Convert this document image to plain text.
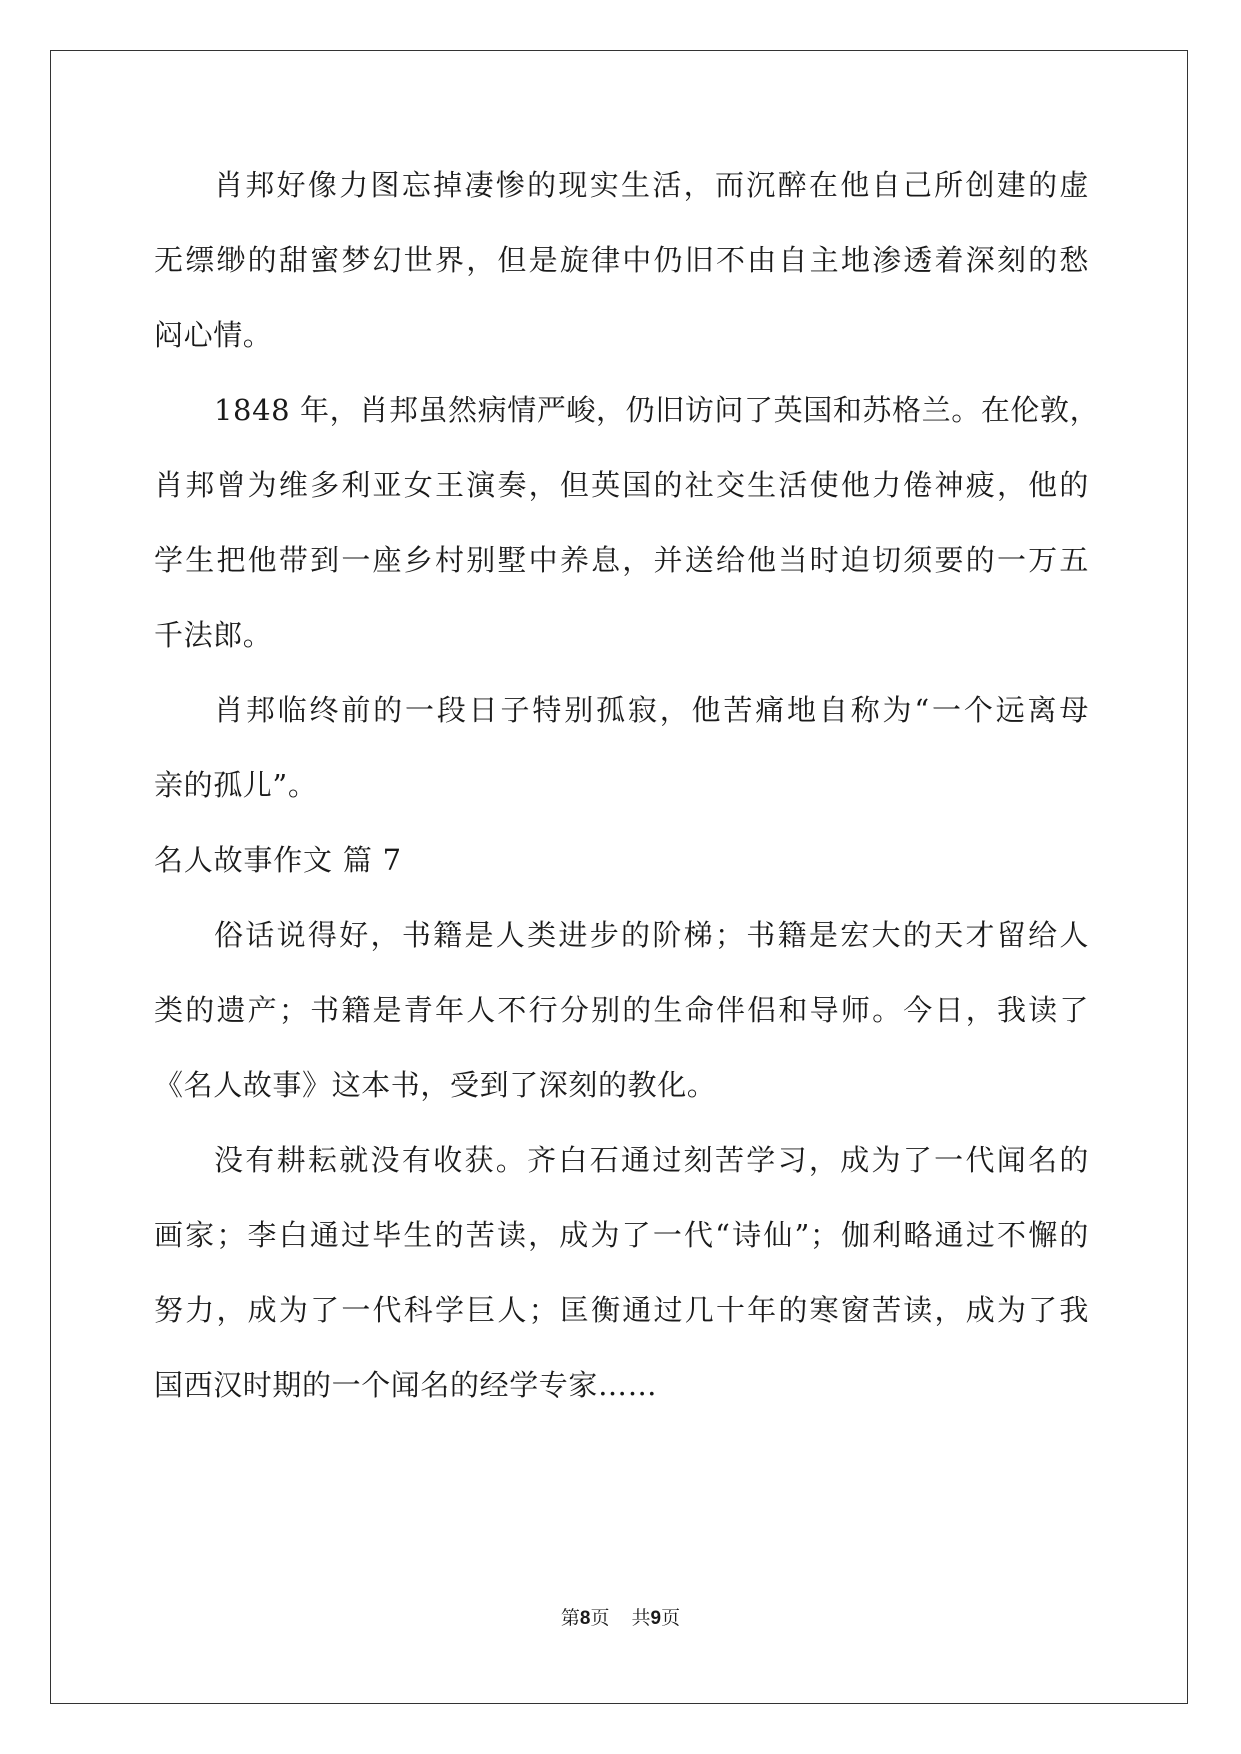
肖邦好像力图忘掉凄惨的现实生活，而沉醉在他自己所创建的虚
无缥缈的甜蜜梦幻世界，但是旋律中仍旧不由自主地渗透着深刻的愁
闷心情。
1848 年，肖邦虽然病情严峻，仍旧访问了英国和苏格兰。在伦敦，
肖邦曾为维多利亚女王演奏，但英国的社交生活使他力倦神疲，他的
学生把他带到一座乡村别墅中养息，并送给他当时迫切须要的一万五
千法郎。
肖邦临终前的一段日子特别孤寂，他苦痛地自称为“一个远离母
亲的孤儿”。
名人故事作文 篇 7
俗话说得好，书籍是人类进步的阶梯；书籍是宏大的天才留给人
类的遗产；书籍是青年人不行分别的生命伴侣和导师。今日，我读了
《名人故事》这本书，受到了深刻的教化。
没有耕耘就没有收获。齐白石通过刻苦学习，成为了一代闻名的
画家；李白通过毕生的苦读，成为了一代“诗仙”；伽利略通过不懈的
努力，成为了一代科学巨人；匡衡通过几十年的寒窗苦读，成为了我
国西汉时期的一个闻名的经学专家……
第8页 共9页
